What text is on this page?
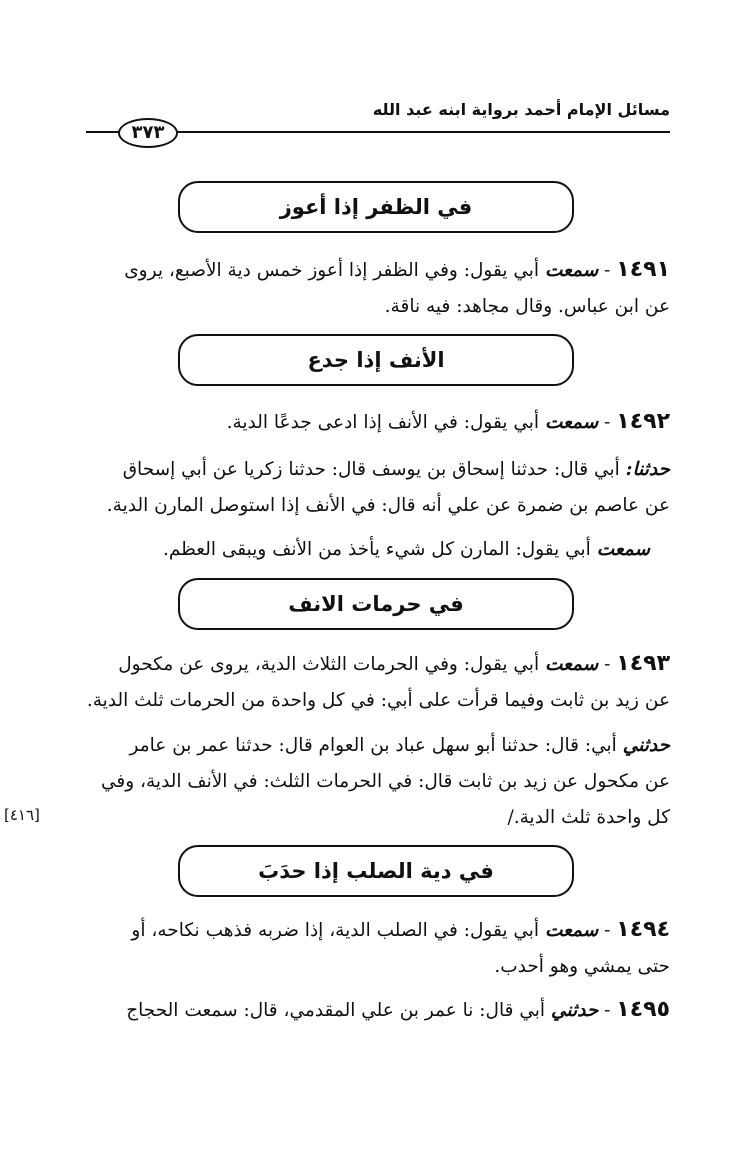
مسائل الإمام أحمد برواية ابنه عبد الله
٣٧٣
في الظفر إذا أعوز
١٤٩١ - سمعت أبي يقول: وفي الظفر إذا أعوز خمس دية الأصبع، يروى
عن ابن عباس. وقال مجاهد: فيه ناقة.
الأنف إذا جدع
١٤٩٢ - سمعت أبي يقول: في الأنف إذا ادعى جدعًا الدية.
حدثنا: أبي قال: حدثنا إسحاق بن يوسف قال: حدثنا زكريا عن أبي إسحاق
عن عاصم بن ضمرة عن علي أنه قال: في الأنف إذا استوصل المارن الدية.
سمعت أبي يقول: المارن كل شيء يأخذ من الأنف ويبقى العظم.
في حرمات الانف
١٤٩٣ - سمعت أبي يقول: وفي الحرمات الثلاث الدية، يروى عن مكحول
عن زيد بن ثابت وفيما قرأت على أبي: في كل واحدة من الحرمات ثلث الدية.
حدثني أبي: قال: حدثنا أبو سهل عباد بن العوام قال: حدثنا عمر بن عامر
عن مكحول عن زيد بن ثابت قال: في الحرمات الثلث: في الأنف الدية، وفي
كل واحدة ثلث الدية./
[٤١٦]
في دية الصلب إذا حدَبَ
١٤٩٤ - سمعت أبي يقول: في الصلب الدية، إذا ضربه فذهب نكاحه، أو
حتى يمشي وهو أحدب.
١٤٩٥ - حدثني أبي قال: نا عمر بن علي المقدمي، قال: سمعت الحجاج
